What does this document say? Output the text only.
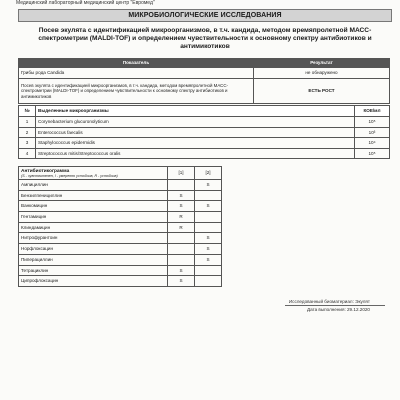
Медицинский лабораторный медицинский центр "Евромед"
МИКРОБИОЛОГИЧЕСКИЕ ИССЛЕДОВАНИЯ
Посев экулята с идентификацией микроорганизмов, в т.ч. кандида, методом времяпролетной МАСС-спектрометрии (MALDI-TOF) и определением чувствительности к основному спектру антибиотиков и антимикотиков
Показатель	Результат
Грибы рода Candida	не обнаружено
Посев экулята с идентификацией микроорганизмов, в т.ч. кандида, методом времяпролетной МАСС-спектрометрии (MALDI-TOF) и определением чувствительности к основному спектру антибиотиков и антимикотиков	ЕСТЬ РОСТ
№	Выделенные микроорганизмы	КОЕ/мл
1	Corynebacterium glucuronolyticum	10⁵
2	Enterococcus faecalis	10³
3	Staphylococcus epidermidis	10⁴
4	Streptococcus mitis/Streptococcus oralis	10⁵
Антибиотикограмма
(S - чувствителен, I - умеренно устойчив, R - устойчив)	[1]	[2]
Ампициллин		S
Бензилпенициллин	S	
Ванкомицин	S	S
Гентамицин	R	
Клиндамицин	R	
Нитрофурантоин		S
Норфлоксацин		S
Пиперациллин		S
Тетрациклин	S	
Ципрофлоксацин	S	
Исследованный биоматериал: Экулят
Дата выполнения: 29.12.2020
